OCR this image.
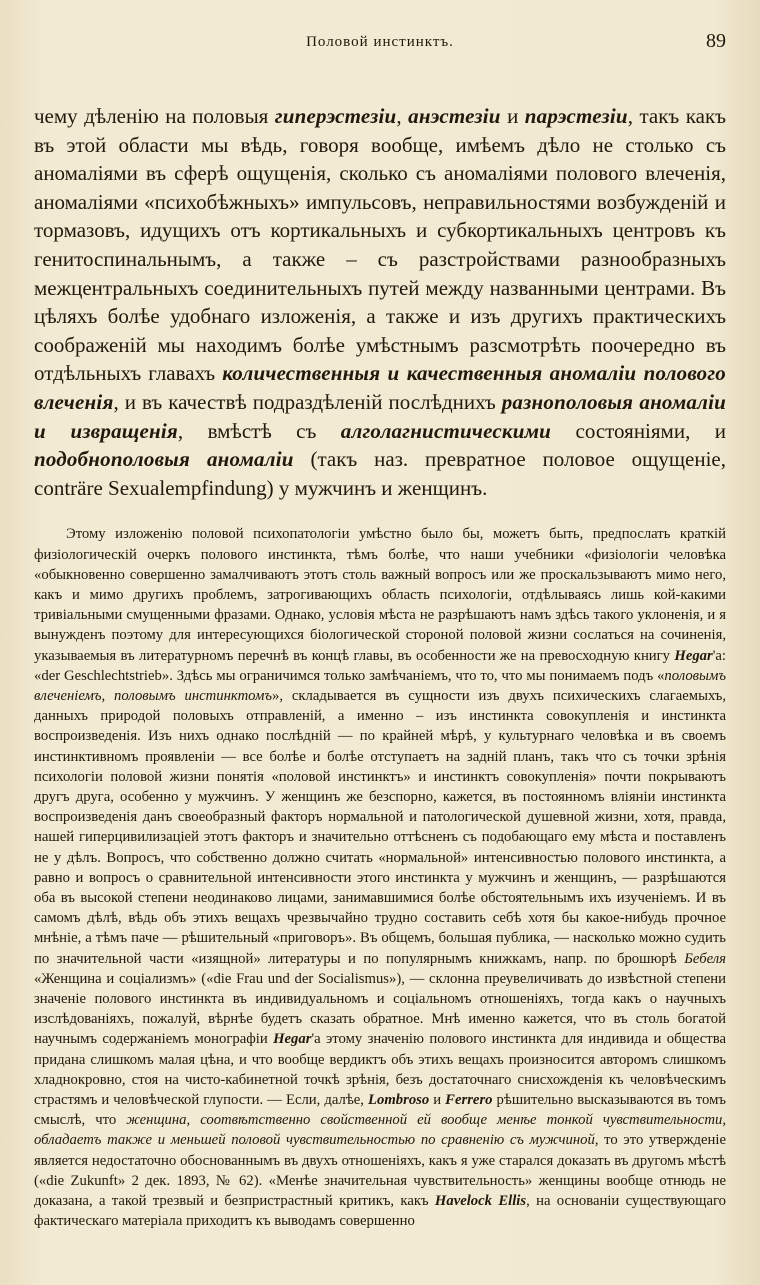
Половой инстинктъ.	89

чему дѣленію на половыя гиперэстезіи, анэстезіи и парэстезіи, такъ какъ въ этой области мы вѣдь, говоря вообще, имѣемъ дѣло не столько съ аномаліями въ сферѣ ощущенія, сколько съ аномаліями полового влеченія, аномаліями «психобѣжныхъ» импульсовъ, неправильностями возбужденій и тормазовъ, идущихъ отъ кортикальныхъ и субкортикальныхъ центровъ къ генитоспинальнымъ, а также – съ разстройствами разнообразныхъ межцентральныхъ соединительныхъ путей между названными центрами. Въ цѣляхъ болѣе удобнаго изложенія, а также и изъ другихъ практическихъ соображеній мы находимъ болѣе умѣстнымъ разсмотрѣть поочередно въ отдѣльныхъ главахъ количественныя и качественныя аномаліи полового влеченія, и въ качествѣ подраздѣленій послѣднихъ разнополовыя аномаліи и извращенія, вмѣстѣ съ алголагнистическими состояніями, и подобнополовыя аномаліи (такъ наз. превратное половое ощущеніе, conträre Sexualempfindung) у мужчинъ и женщинъ.

Этому изложенію половой психопатологіи умѣстно было бы, можетъ быть, предпослать краткій физіологическій очеркъ полового инстинкта, тѣмъ болѣе, что наши учебники «физіологіи человѣка «обыкновенно совершенно замалчиваютъ этотъ столь важный вопросъ или же проскальзываютъ мимо него, какъ и мимо другихъ проблемъ, затрогивающихъ область психологіи, отдѣлываясь лишь кой-какими тривіальными смущенными фразами. Однако, условія мѣста не разрѣшаютъ намъ здѣсь такого уклоненія, и я вынужденъ поэтому для интересующихся біологической стороной половой жизни сослаться на сочиненія, указываемыя въ литературномъ перечнѣ въ концѣ главы, въ особенности же на превосходную книгу Hegar'а: «der Geschlechtstrieb». Здѣсь мы ограничимся только замѣчаніемъ, что то, что мы понимаемъ подъ «половымъ влеченіемъ, половымъ инстинктомъ», складывается въ сущности изъ двухъ психическихъ слагаемыхъ, данныхъ природой половыхъ отправленій, а именно – изъ инстинкта совокупленія и инстинкта воспроизведенія. Изъ нихъ однако послѣдній — по крайней мѣрѣ, у культурнаго человѣка и въ своемъ инстинктивномъ проявленіи — все болѣе и болѣе отступаетъ на задній планъ, такъ что съ точки зрѣнія психологіи половой жизни понятія «половой инстинктъ» и инстинктъ совокупленія» почти покрываютъ другъ друга, особенно у мужчинъ. У женщинъ же безспорно, кажется, въ постоянномъ вліяніи инстинкта воспроизведенія данъ своеобразный факторъ нормальной и патологической душевной жизни, хотя, правда, нашей гиперцивилизаціей этотъ факторъ и значительно оттѣсненъ съ подобающаго ему мѣста и поставленъ не у дѣлъ. Вопросъ, что собственно должно считать «нормальной» интенсивностью полового инстинкта, а равно и вопросъ о сравнительной интенсивности этого инстинкта у мужчинъ и женщинъ, — разрѣшаются оба въ высокой степени неодинаково лицами, занимавшимися болѣе обстоятельнымъ ихъ изученіемъ. И въ самомъ дѣлѣ, вѣдь объ этихъ вещахъ чрезвычайно трудно составить себѣ хотя бы какое-нибудь прочное мнѣніе, а тѣмъ паче — рѣшительный «приговоръ». Въ общемъ, большая публика, — насколько можно судить по значительной части «изящной» литературы и по популярнымъ книжкамъ, напр. по брошюрѣ Бебеля «Женщина и соціализмъ» («die Frau und der Socialismus»), — склонна преувеличивать до извѣстной степени значеніе полового инстинкта въ индивидуальномъ и соціальномъ отношеніяхъ, тогда какъ о научныхъ изслѣдованіяхъ, пожалуй, вѣрнѣе будетъ сказать обратное. Мнѣ именно кажется, что въ столь богатой научнымъ содержаніемъ монографіи Hegar'а этому значенію полового инстинкта для индивида и общества придана слишкомъ малая цѣна, и что вообще вердиктъ объ этихъ вещахъ произносится авторомъ слишкомъ хладнокровно, стоя на чисто-кабинетной точкѣ зрѣнія, безъ достаточнаго снисхожденія къ человѣческимъ страстямъ и человѣческой глупости. — Если, далѣе, Lombroso и Ferrero рѣшительно высказываются въ томъ смыслѣ, что женщина, соотвѣтственно свойственной ей вообще менѣе тонкой чувствительности, обладаетъ также и меньшей половой чувствительностью по сравненію съ мужчиной, то это утвержденіе является недостаточно обоснованнымъ въ двухъ отношеніяхъ, какъ я уже старался доказать въ другомъ мѣстѣ («die Zukunft» 2 дек. 1893, № 62). «Менѣе значительная чувствительность» женщины вообще отнюдь не доказана, а такой трезвый и безпристрастный критикъ, какъ Havelock Ellis, на основаніи существующаго фактическаго матеріала приходитъ къ выводамъ совершенно
